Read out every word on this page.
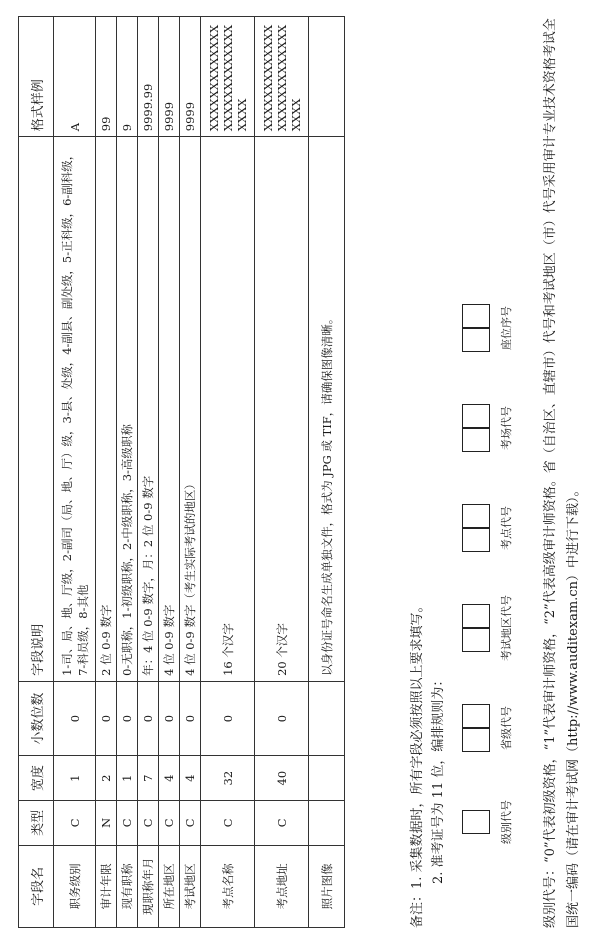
字段名	类型	宽度	小数位数	字段说明	格式样例
职务级别	C	1	0	1-司、局、地、厅级，2-副司（局、地、厅）级，3-县、处级，4-副县、副处级，5-正科级，6-副科级，7-科员级，8-其他	A
审计年限	N	2	0	2 位 0-9 数字	99
现有职称	C	1	0	0-无职称，1-初级职称，2-中级职称，3-高级职称	9
現职称年月	C	7	0	年：4 位 0-9 数字，月：2 位 0-9 数字	9999.99
所在地区	C	4	0	4 位 0-9 数字	9999
考试地区	C	4	0	4 位 0-9 数字（考生实际考试的地区）	9999
考点名称	C	32	0	16 个汉字	XXXXXXXXXXXXXXXXXXXXXXXXXXXXXX
考点地址	C	40	0	20 个汉字	XXXXXXXXXXXXXXXXXXXXXXXXXXXXXX
照片图像				以身份证号命名生成单独文件，格式为 JPG 或 TIF，请确保图像清晰。	

备注：1. 采集数据时，所有字段必须按照以上要求填写。 2. 准考证号为 11 位，编排规则为：	级别代号
省级代号
考试地区代号
考点代号
考场代号
座位序号 级别代号：“0”代表初级资格，“1”代表审计师资格，“2”代表高级审计师资格。省（自治区、直辖市）代号和考试地区（市）代号采用审计专业技术资格考试全国统一编码（请在审计考试网（http://www.auditexam.cn）中进行下载）。
